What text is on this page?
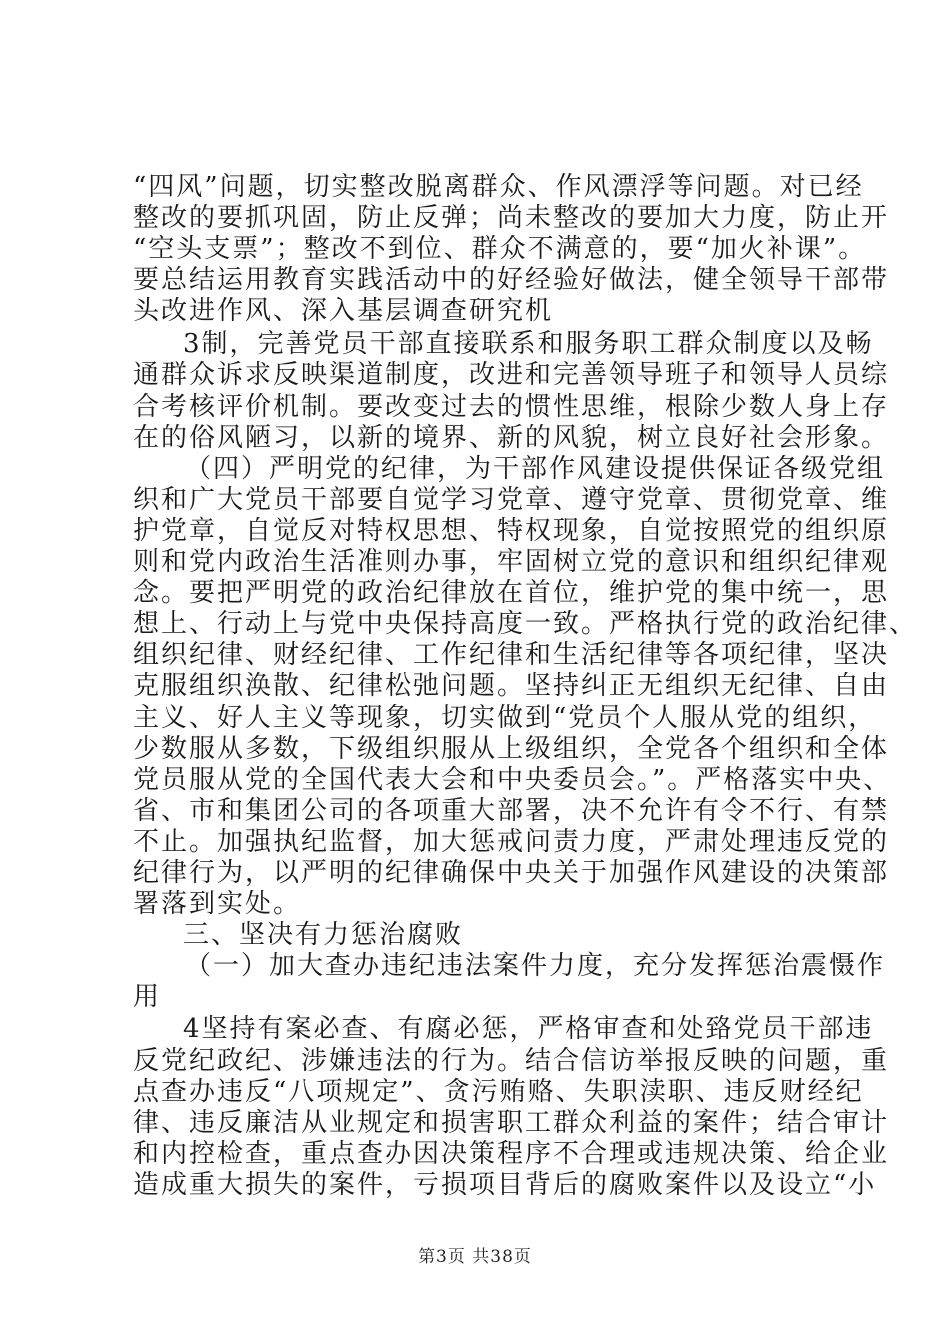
“四风”问题，切实整改脱离群众、作风漂浮等问题。对已经
整改的要抓巩固，防止反弹；尚未整改的要加大力度，防止开
“空头支票”；整改不到位、群众不满意的，要“加火补课”。
要总结运用教育实践活动中的好经验好做法，健全领导干部带
头改进作风、深入基层调查研究机
3制，完善党员干部直接联系和服务职工群众制度以及畅
通群众诉求反映渠道制度，改进和完善领导班子和领导人员综
合考核评价机制。要改变过去的惯性思维，根除少数人身上存
在的俗风陋习，以新的境界、新的风貌，树立良好社会形象。
（四）严明党的纪律，为干部作风建设提供保证各级党组
织和广大党员干部要自觉学习党章、遵守党章、贯彻党章、维
护党章，自觉反对特权思想、特权现象，自觉按照党的组织原
则和党内政治生活准则办事，牢固树立党的意识和组织纪律观
念。要把严明党的政治纪律放在首位，维护党的集中统一，思
想上、行动上与党中央保持高度一致。严格执行党的政治纪律、
组织纪律、财经纪律、工作纪律和生活纪律等各项纪律，坚决
克服组织涣散、纪律松弛问题。坚持纠正无组织无纪律、自由
主义、好人主义等现象，切实做到“党员个人服从党的组织，
少数服从多数，下级组织服从上级组织，全党各个组织和全体
党员服从党的全国代表大会和中央委员会。”。严格落实中央、
省、市和集团公司的各项重大部署，决不允许有令不行、有禁
不止。加强执纪监督，加大惩戒问责力度，严肃处理违反党的
纪律行为，以严明的纪律确保中央关于加强作风建设的决策部
署落到实处。
三、坚决有力惩治腐败
（一）加大查办违纪违法案件力度，充分发挥惩治震慑作
用
4坚持有案必查、有腐必惩，严格审查和处臵党员干部违
反党纪政纪、涉嫌违法的行为。结合信访举报反映的问题，重
点查办违反“八项规定”、贪污贿赂、失职渎职、违反财经纪
律、违反廉洁从业规定和损害职工群众利益的案件；结合审计
和内控检查，重点查办因决策程序不合理或违规决策、给企业
造成重大损失的案件，亏损项目背后的腐败案件以及设立“小
第3页 共38页
